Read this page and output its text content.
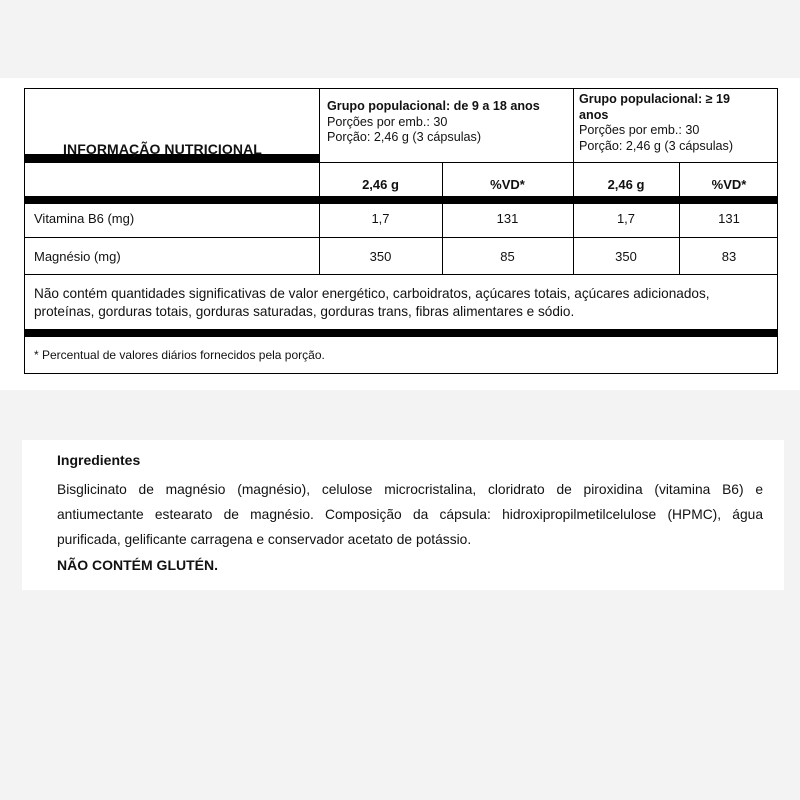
INFORMAÇÃO NUTRICIONAL
Grupo populacional: de 9 a 18 anos
Porções por emb.: 30
Porção: 2,46 g (3 cápsulas)
Grupo populacional: ≥ 19 anos
Porções por emb.: 30
Porção: 2,46 g (3 cápsulas)
2,46 g	%VD*	2,46 g	%VD*
Vitamina B6 (mg)	1,7	131	1,7	131
Magnésio (mg)	350	85	350	83
Não contém quantidades significativas de valor energético, carboidratos, açúcares totais, açúcares adicionados, proteínas, gorduras totais, gorduras saturadas, gorduras trans, fibras alimentares e sódio.
* Percentual de valores diários fornecidos pela porção.
Ingredientes
Bisglicinato de magnésio (magnésio), celulose microcristalina, cloridrato de piroxidina (vitamina B6) e antiumectante estearato de magnésio. Composição da cápsula: hidroxipropilmetilcelulose (HPMC), água purificada, gelificante carragena e conservador acetato de potássio.
NÃO CONTÉM GLUTÉN.
